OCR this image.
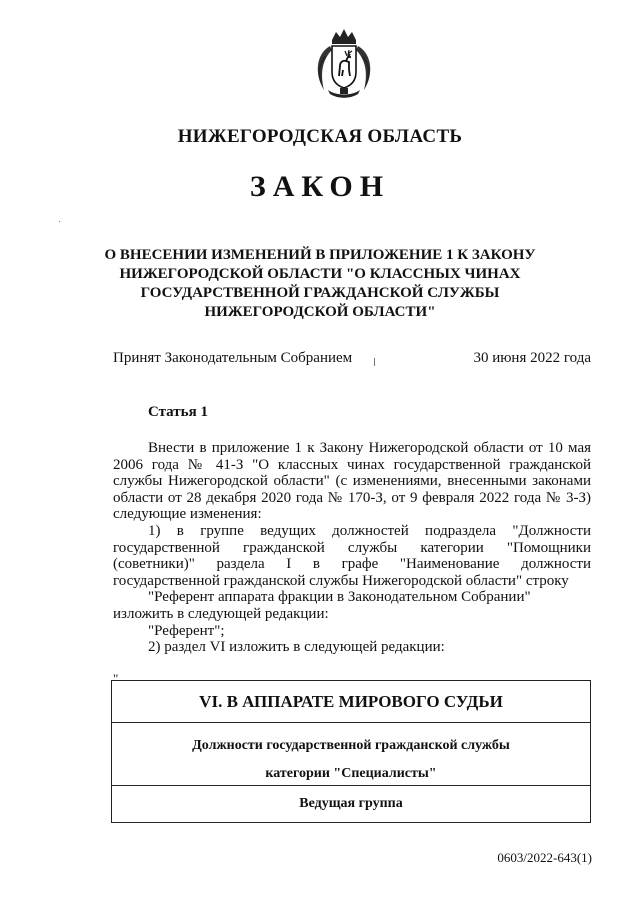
НИЖЕГОРОДСКАЯ ОБЛАСТЬ
ЗАКОН
О ВНЕСЕНИИ ИЗМЕНЕНИЙ В ПРИЛОЖЕНИЕ 1 К ЗАКОНУ
НИЖЕГОРОДСКОЙ ОБЛАСТИ "О КЛАССНЫХ ЧИНАХ
ГОСУДАРСТВЕННОЙ ГРАЖДАНСКОЙ СЛУЖБЫ
НИЖЕГОРОДСКОЙ ОБЛАСТИ"
Принят Законодательным Собранием	30 июня 2022 года
Статья 1

Внести в приложение 1 к Закону Нижегородской области от 10 мая 2006 года № 41-З "О классных чинах государственной гражданской службы Нижегородской области" (с изменениями, внесенными законами области от 28 декабря 2020 года № 170-З, от 9 февраля 2022 года № 3-З) следующие изменения:

1) в группе ведущих должностей подраздела "Должности государственной гражданской службы категории "Помощники (советники)" раздела I в графе "Наименование должности государственной гражданской службы Нижегородской области" строку

"Референт аппарата фракции в Законодательном Собрании"

изложить в следующей редакции:

"Референт";

2) раздел VI изложить в следующей редакции:

"
VI. В АППАРАТЕ МИРОВОГО СУДЬИ
Должности государственной гражданской службы
категории "Специалисты"
Ведущая группа
0603/2022-643(1)
